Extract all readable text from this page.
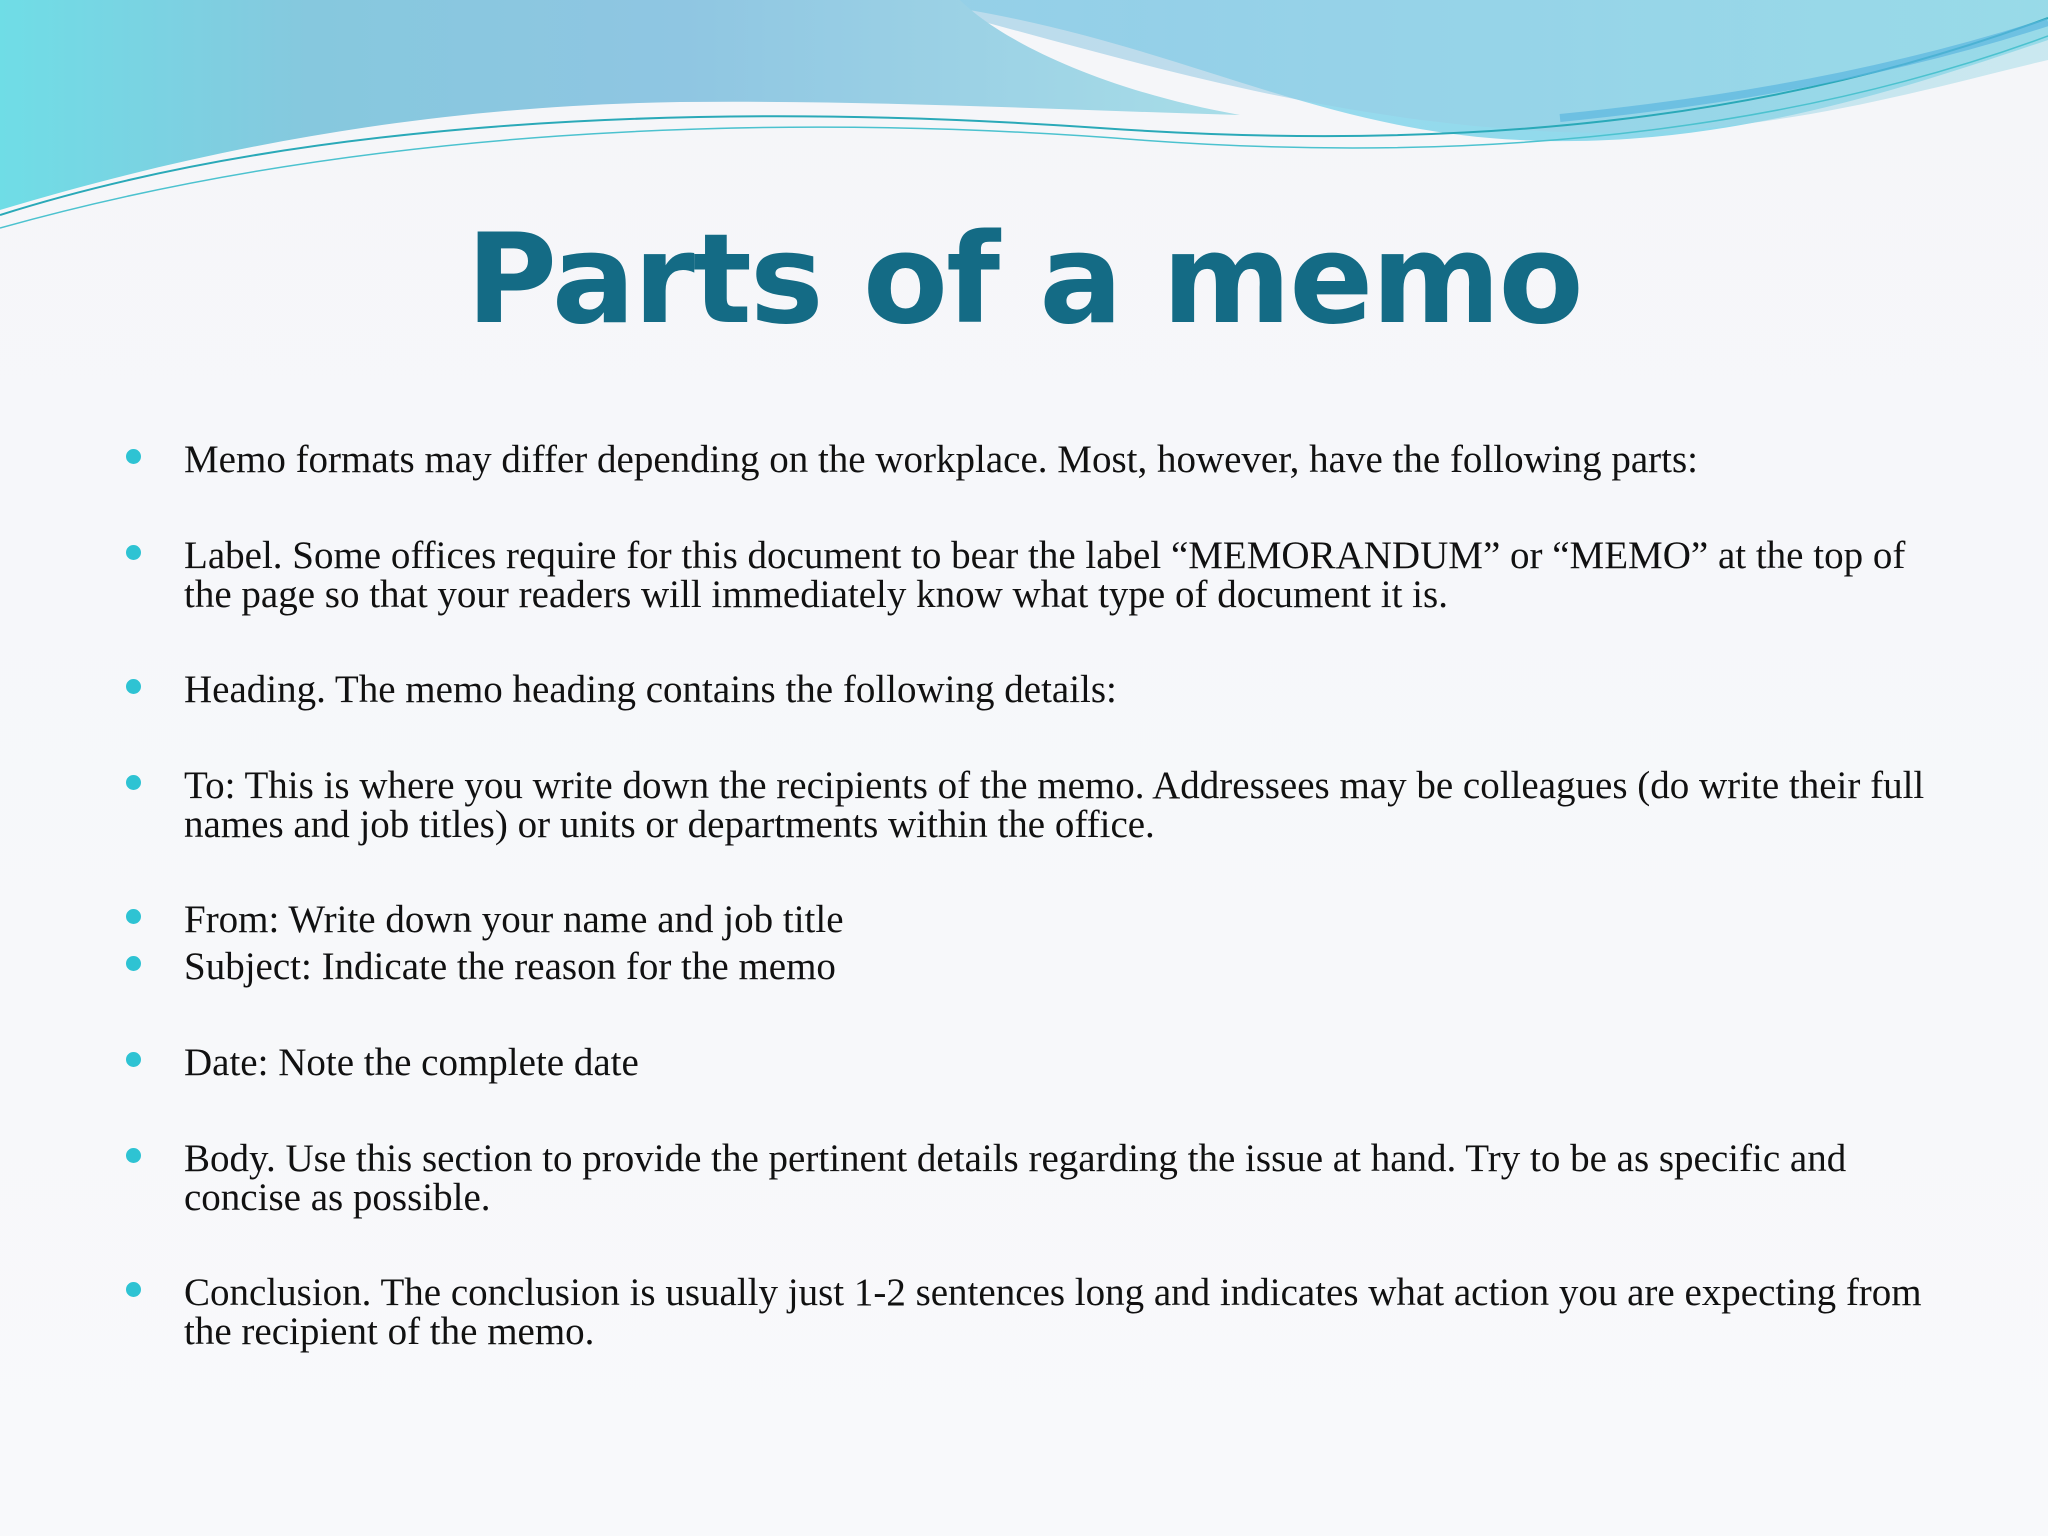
Parts of a memo
Memo formats may differ depending on the workplace. Most, however, have the following parts:
Label. Some offices require for this document to bear the label “MEMORANDUM” or “MEMO” at the top of the page so that your readers will immediately know what type of document it is.
Heading. The memo heading contains the following details:
To: This is where you write down the recipients of the memo. Addressees may be colleagues (do write their full names and job titles) or units or departments within the office.
From: Write down your name and job title
Subject: Indicate the reason for the memo
Date: Note the complete date
Body. Use this section to provide the pertinent details regarding the issue at hand. Try to be as specific and concise as possible.
Conclusion. The conclusion is usually just 1-2 sentences long and indicates what action you are expecting from the recipient of the memo.
